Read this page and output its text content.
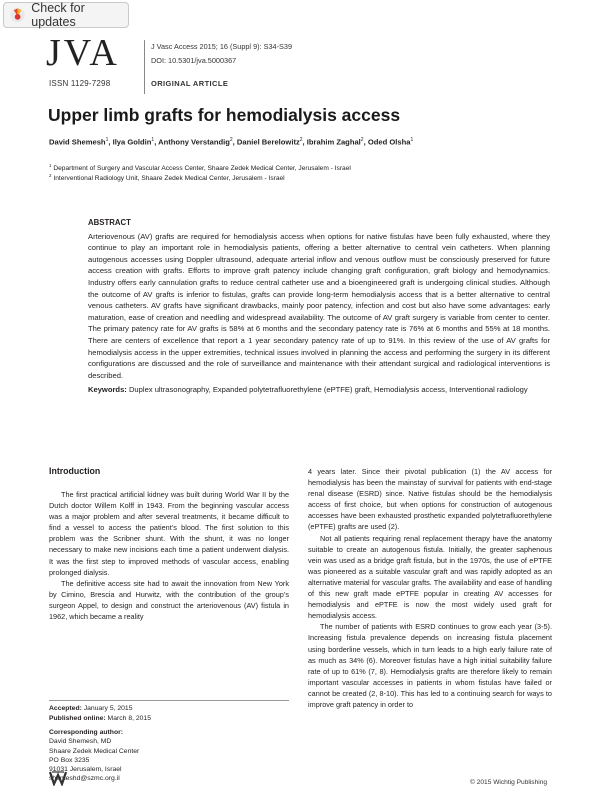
Check for updates
JVA
ISSN 1129-7298
J Vasc Access 2015; 16 (Suppl 9): S34-S39
DOI: 10.5301/jva.5000367
ORIGINAL ARTICLE
Upper limb grafts for hemodialysis access
David Shemesh$^1$, Ilya Goldin$^1$, Anthony Verstandig$^2$, Daniel Berelowitz$^2$, Ibrahim Zaghal$^2$, Oded Olsha$^1$
$^1$ Department of Surgery and Vascular Access Center, Shaare Zedek Medical Center, Jerusalem - Israel
$^2$ Interventional Radiology Unit, Shaare Zedek Medical Center, Jerusalem - Israel
ABSTRACT

Arteriovenous (AV) grafts are required for hemodialysis access when options for native fistulas have been fully exhausted, where they continue to play an important role in hemodialysis patients, offering a better alternative to central vein catheters. When planning autogenous accesses using Doppler ultrasound, adequate arterial inflow and venous outflow must be consciously preserved for future access creation with grafts. Efforts to improve graft patency include changing graft configuration, graft biology and hemodynamics. Industry offers early cannulation grafts to reduce central catheter use and a bioengineered graft is undergoing clinical studies. Although the outcome of AV grafts is inferior to fistulas, grafts can provide long-term hemodialysis access that is a better alternative to central venous catheters. AV grafts have significant drawbacks, mainly poor patency, infection and cost but also have some advantages: early maturation, ease of creation and needling and widespread availability. The outcome of AV graft surgery is variable from center to center. The primary patency rate for AV grafts is 58% at 6 months and the secondary patency rate is 76% at 6 months and 55% at 18 months. There are centers of excellence that report a 1 year secondary patency rate of up to 91%. In this review of the use of AV grafts for hemodialysis access in the upper extremities, technical issues involved in planning the access and performing the surgery in its different configurations are discussed and the role of surveillance and maintenance with their attendant surgical and radiological interventions is described.

Keywords: Duplex ultrasonography, Expanded polytetrafluorethylene (ePTFE) graft, Hemodialysis access, Interventional radiology

Introduction

The first practical artificial kidney was built during World War II by the Dutch doctor Willem Kolff in 1943. From the beginning vascular access was a major problem and after several treatments, it became difficult to find a vessel to access the patient’s blood. The first solution to this problem was the Scribner shunt. With the shunt, it was no longer necessary to make new incisions each time a patient underwent dialysis. It was the first step to improved methods of vascular access, enabling prolonged dialysis.

The definitive access site had to await the innovation from New York by Cimino, Brescia and Hurwitz, with the contribution of the group’s surgeon Appel, to design and construct the arteriovenous (AV) fistula in 1962, which became a reality

4 years later. Since their pivotal publication (1) the AV access for hemodialysis has been the mainstay of survival for patients with end-stage renal disease (ESRD) since. Native fistulas should be the hemodialysis access of first choice, but when options for construction of autogenous accesses have been exhausted prosthetic expanded polytetrafluorethylene (ePTFE) grafts are used (2).

Not all patients requiring renal replacement therapy have the anatomy suitable to create an autogenous fistula. Initially, the greater saphenous vein was used as a bridge graft fistula, but in the 1970s, the use of ePTFE was pioneered as a suitable vascular graft and was rapidly adopted as an alternative material for vascular grafts. The availability and ease of handling of this new graft made ePTFE popular in creating AV accesses for hemodialysis and ePTFE is now the most widely used graft for hemodialysis access.

The number of patients with ESRD continues to grow each year (3-5). Increasing fistula prevalence depends on increasing fistula placement using borderline vessels, which in turn leads to a high early failure rate of as much as 34% (6). Moreover fistulas have a high initial suitability failure rate of up to 61% (7, 8). Hemodialysis grafts are therefore likely to remain important vascular accesses in patients in whom fistulas have failed or cannot be created (2, 8-10). This has led to a continuing search for ways to improve graft patency in order to

Accepted: January 5, 2015
Published online: March 8, 2015
Corresponding author:
David Shemesh, MD
Shaare Zedek Medical Center
PO Box 3235
91031 Jerusalem, Israel
shemeshd@szmc.org.il
© 2015 Wichtig Publishing
